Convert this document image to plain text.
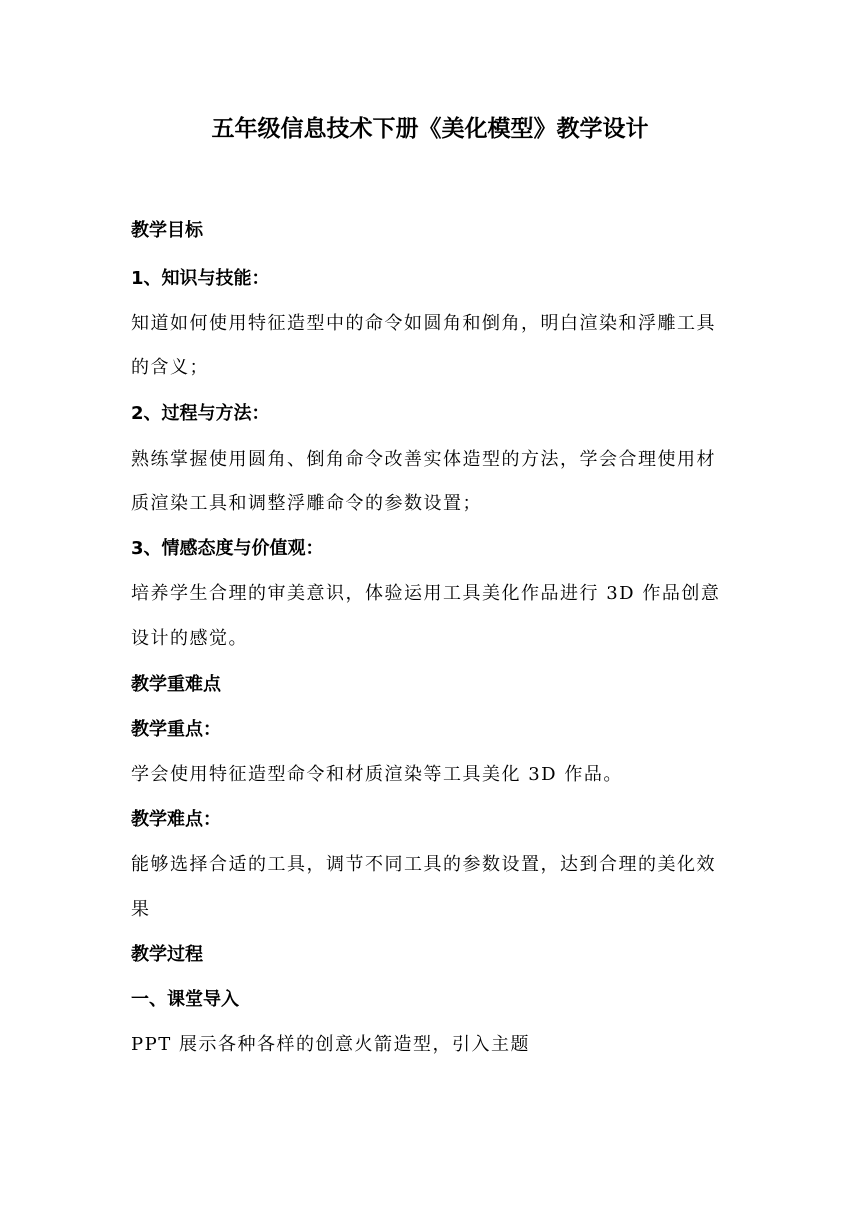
五年级信息技术下册《美化模型》教学设计
教学目标
1、知识与技能：
知道如何使用特征造型中的命令如圆角和倒角，明白渲染和浮雕工具
的含义；
2、过程与方法：
熟练掌握使用圆角、倒角命令改善实体造型的方法，学会合理使用材
质渲染工具和调整浮雕命令的参数设置；
3、情感态度与价值观：
培养学生合理的审美意识，体验运用工具美化作品进行 3D 作品创意
设计的感觉。
教学重难点
教学重点：
学会使用特征造型命令和材质渲染等工具美化 3D 作品。
教学难点：
能够选择合适的工具，调节不同工具的参数设置，达到合理的美化效
果
教学过程
一、课堂导入
PPT 展示各种各样的创意火箭造型，引入主题
